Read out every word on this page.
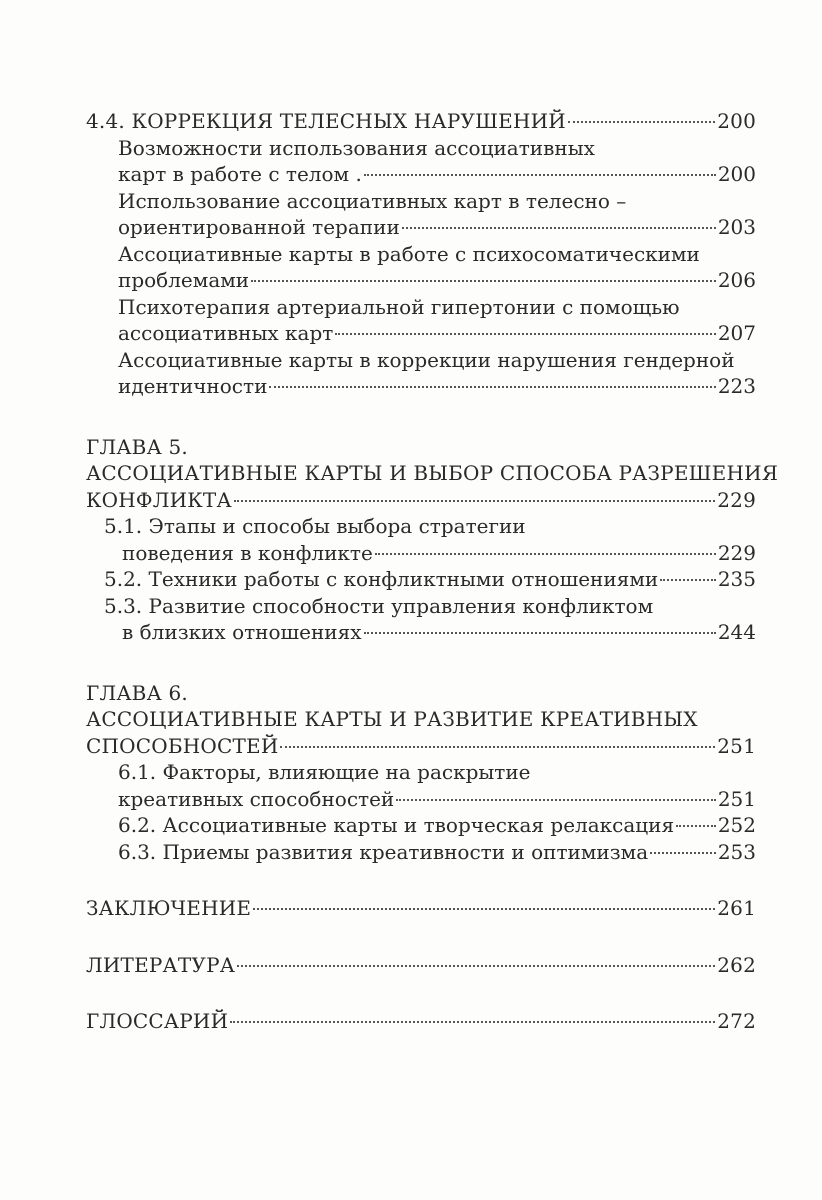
4.4. КОРРЕКЦИЯ ТЕЛЕСНЫХ НАРУШЕНИЙ	200
Возможности использования ассоциативных
карт в работе с телом .	200
Использование ассоциативных карт в телесно –
ориентированной терапии	203
Ассоциативные карты в работе с психосоматическими
проблемами	206
Психотерапия артериальной гипертонии с помощью
ассоциативных карт	207
Ассоциативные карты в коррекции нарушения гендерной
идентичности	223
ГЛАВА 5.
АССОЦИАТИВНЫЕ КАРТЫ И ВЫБОР СПОСОБА РАЗРЕШЕНИЯ
КОНФЛИКТА	229
5.1. Этапы и способы выбора стратегии
поведения в конфликте	229
5.2. Техники работы с конфликтными отношениями	235
5.3. Развитие способности управления конфликтом
в близких отношениях	244
ГЛАВА 6.
АССОЦИАТИВНЫЕ КАРТЫ И РАЗВИТИЕ КРЕАТИВНЫХ
СПОСОБНОСТЕЙ	251
6.1. Факторы, влияющие на раскрытие
креативных способностей	251
6.2. Ассоциативные карты и творческая релаксация 252
6.3. Приемы развития креативности и оптимизма	253
ЗАКЛЮЧЕНИЕ	261
ЛИТЕРАТУРА	262
ГЛОССАРИЙ	272
